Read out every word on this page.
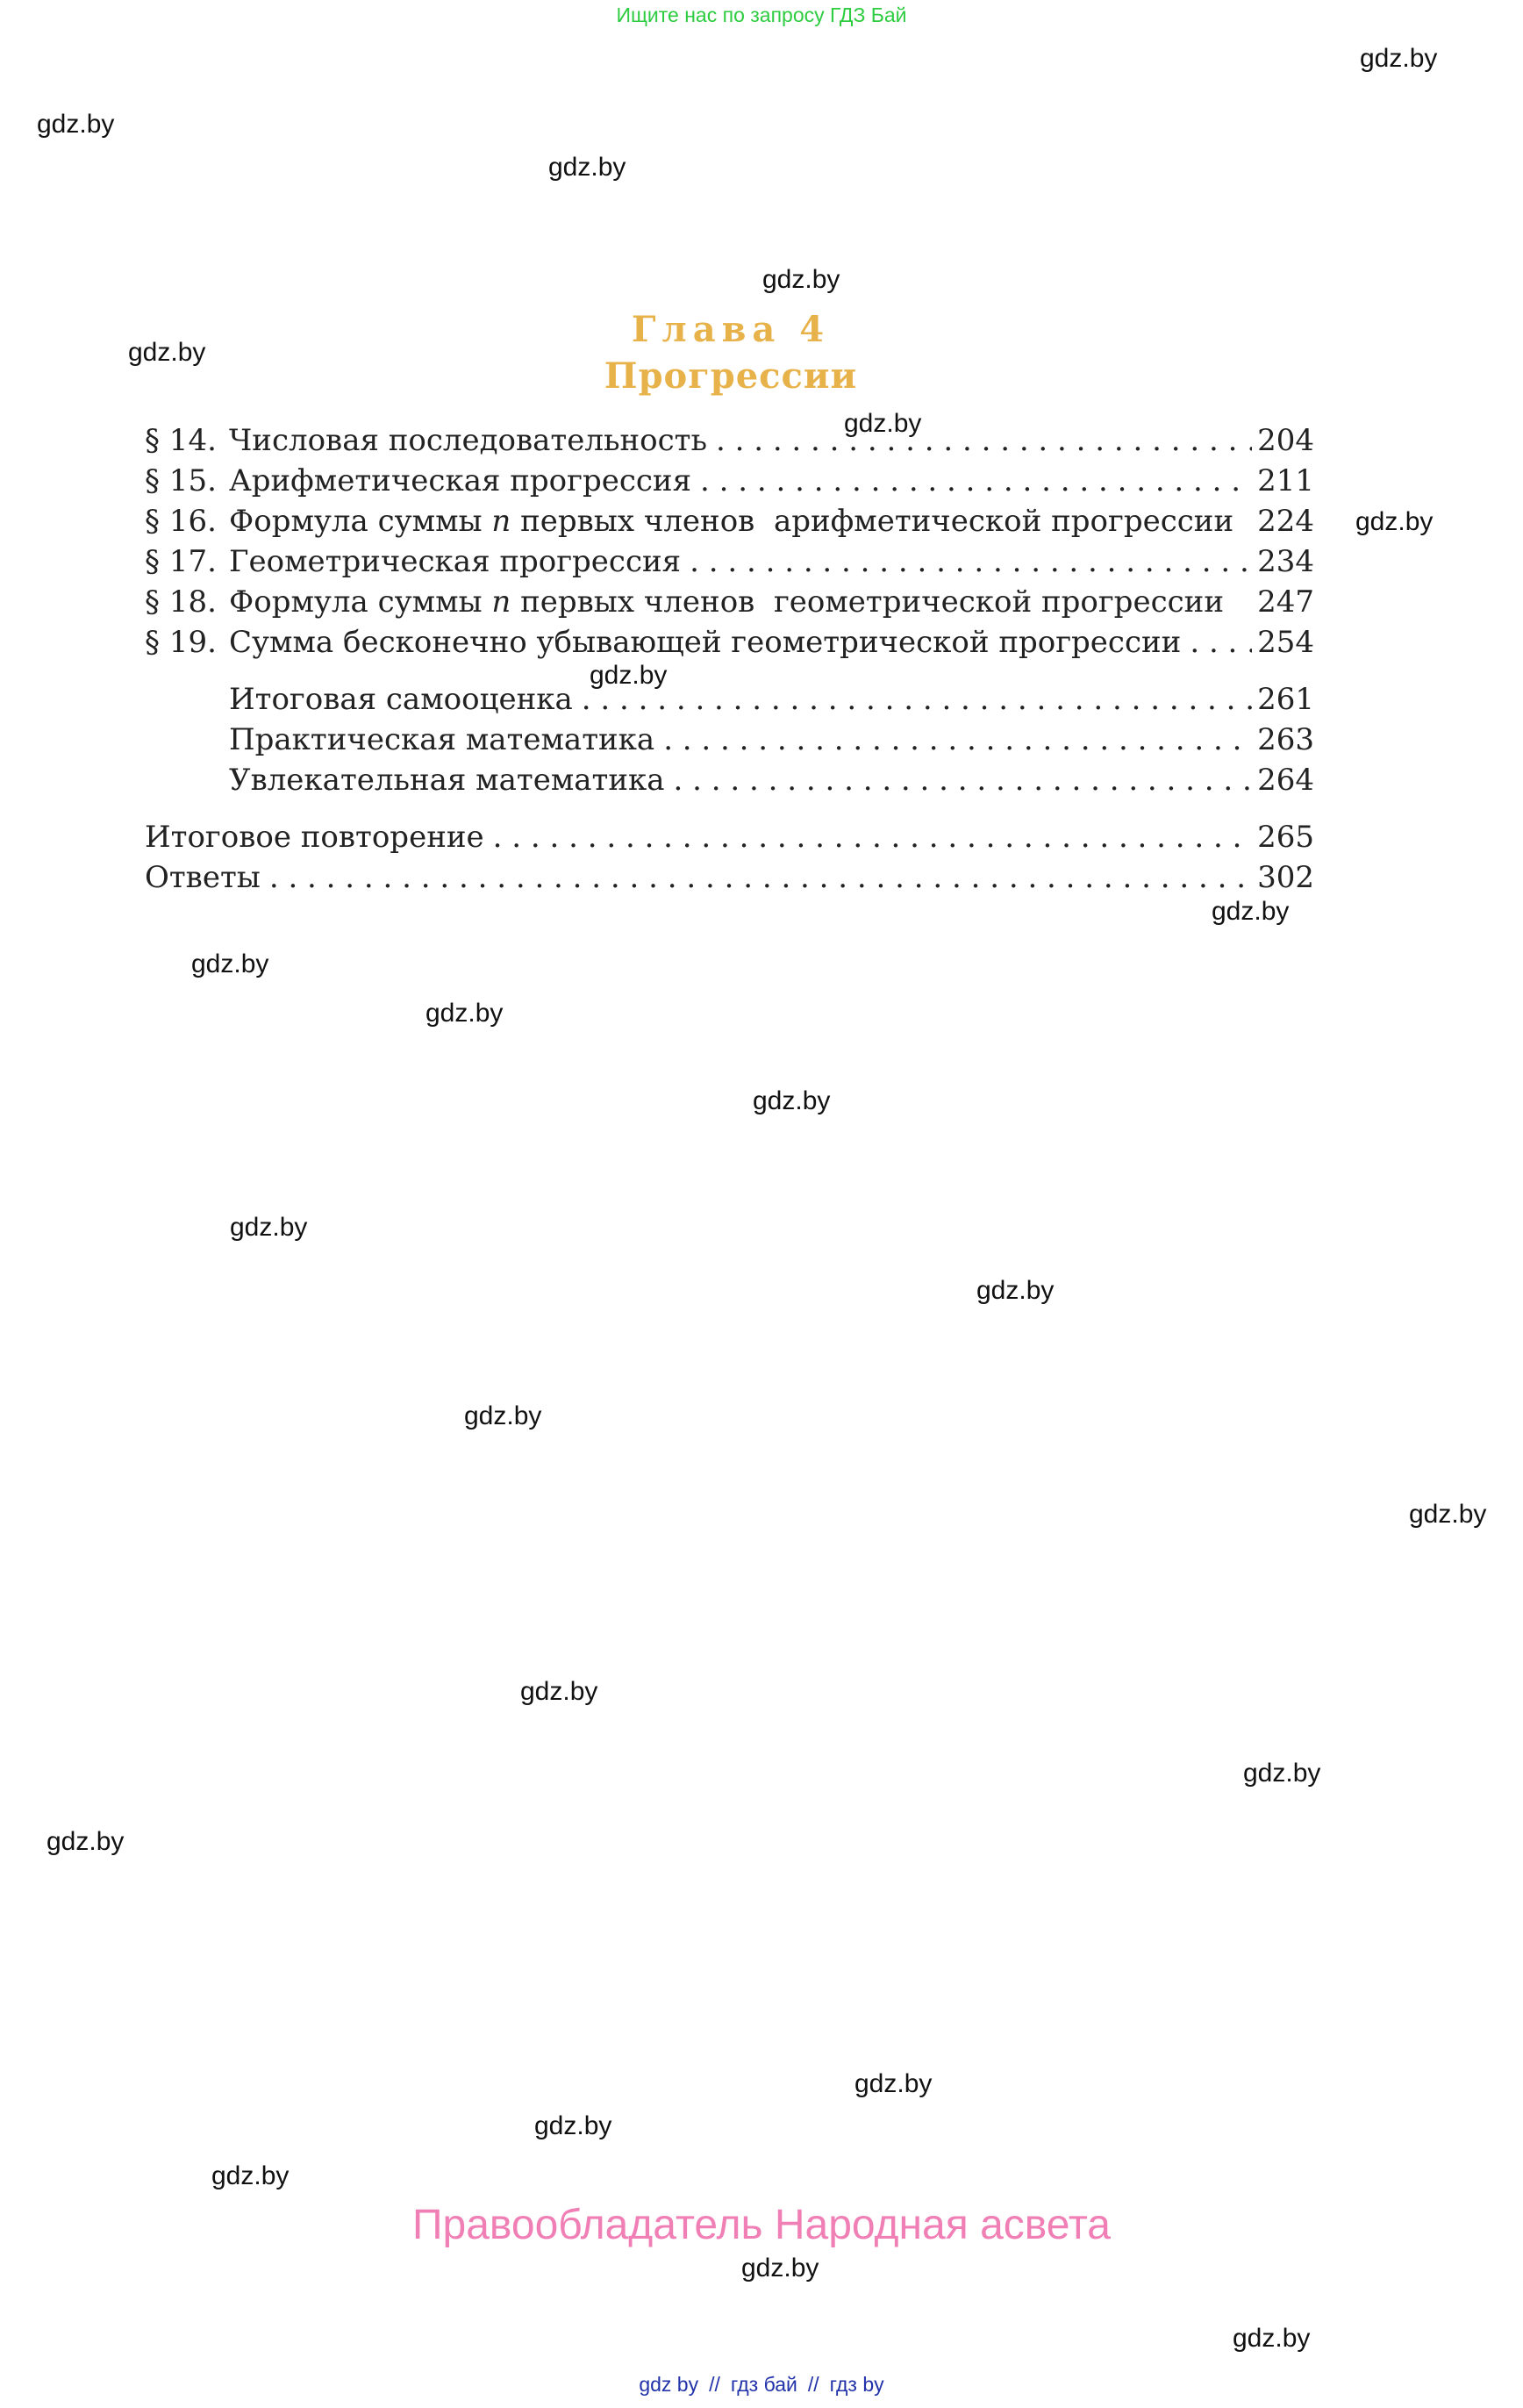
Ищите нас по запросу ГДЗ Бай
Глава 4
Прогрессии
§ 14. Числовая последовательность . . .	204
§ 15. Арифметическая прогрессия . . .	211
§ 16. Формула суммы n первых членов  арифметической прогрессии 224
§ 17. Геометрическая прогрессия . . .	234
§ 18. Формула суммы n первых членов  геометрической прогрессии	247
§ 19. Сумма бесконечно убывающей геометрической прогрессии . . .	254
Итоговая самооценка . . .	261
Практическая математика . . .	263
Увлекательная математика . . .	264
Итоговое повторение . . .	265
Ответы . . .	302
gdz.by
gdz.by
gdz.by
gdz.by
gdz.by
gdz.by
gdz.by
gdz.by
gdz.by
gdz.by
gdz.by
gdz.by
gdz.by
gdz.by
gdz.by
gdz.by
gdz.by
gdz.by
gdz.by
gdz.by
gdz.by
gdz.by
gdz.by
gdz.by
Правообладатель Народная асвета
gdz by // гдз бай // гдз by
